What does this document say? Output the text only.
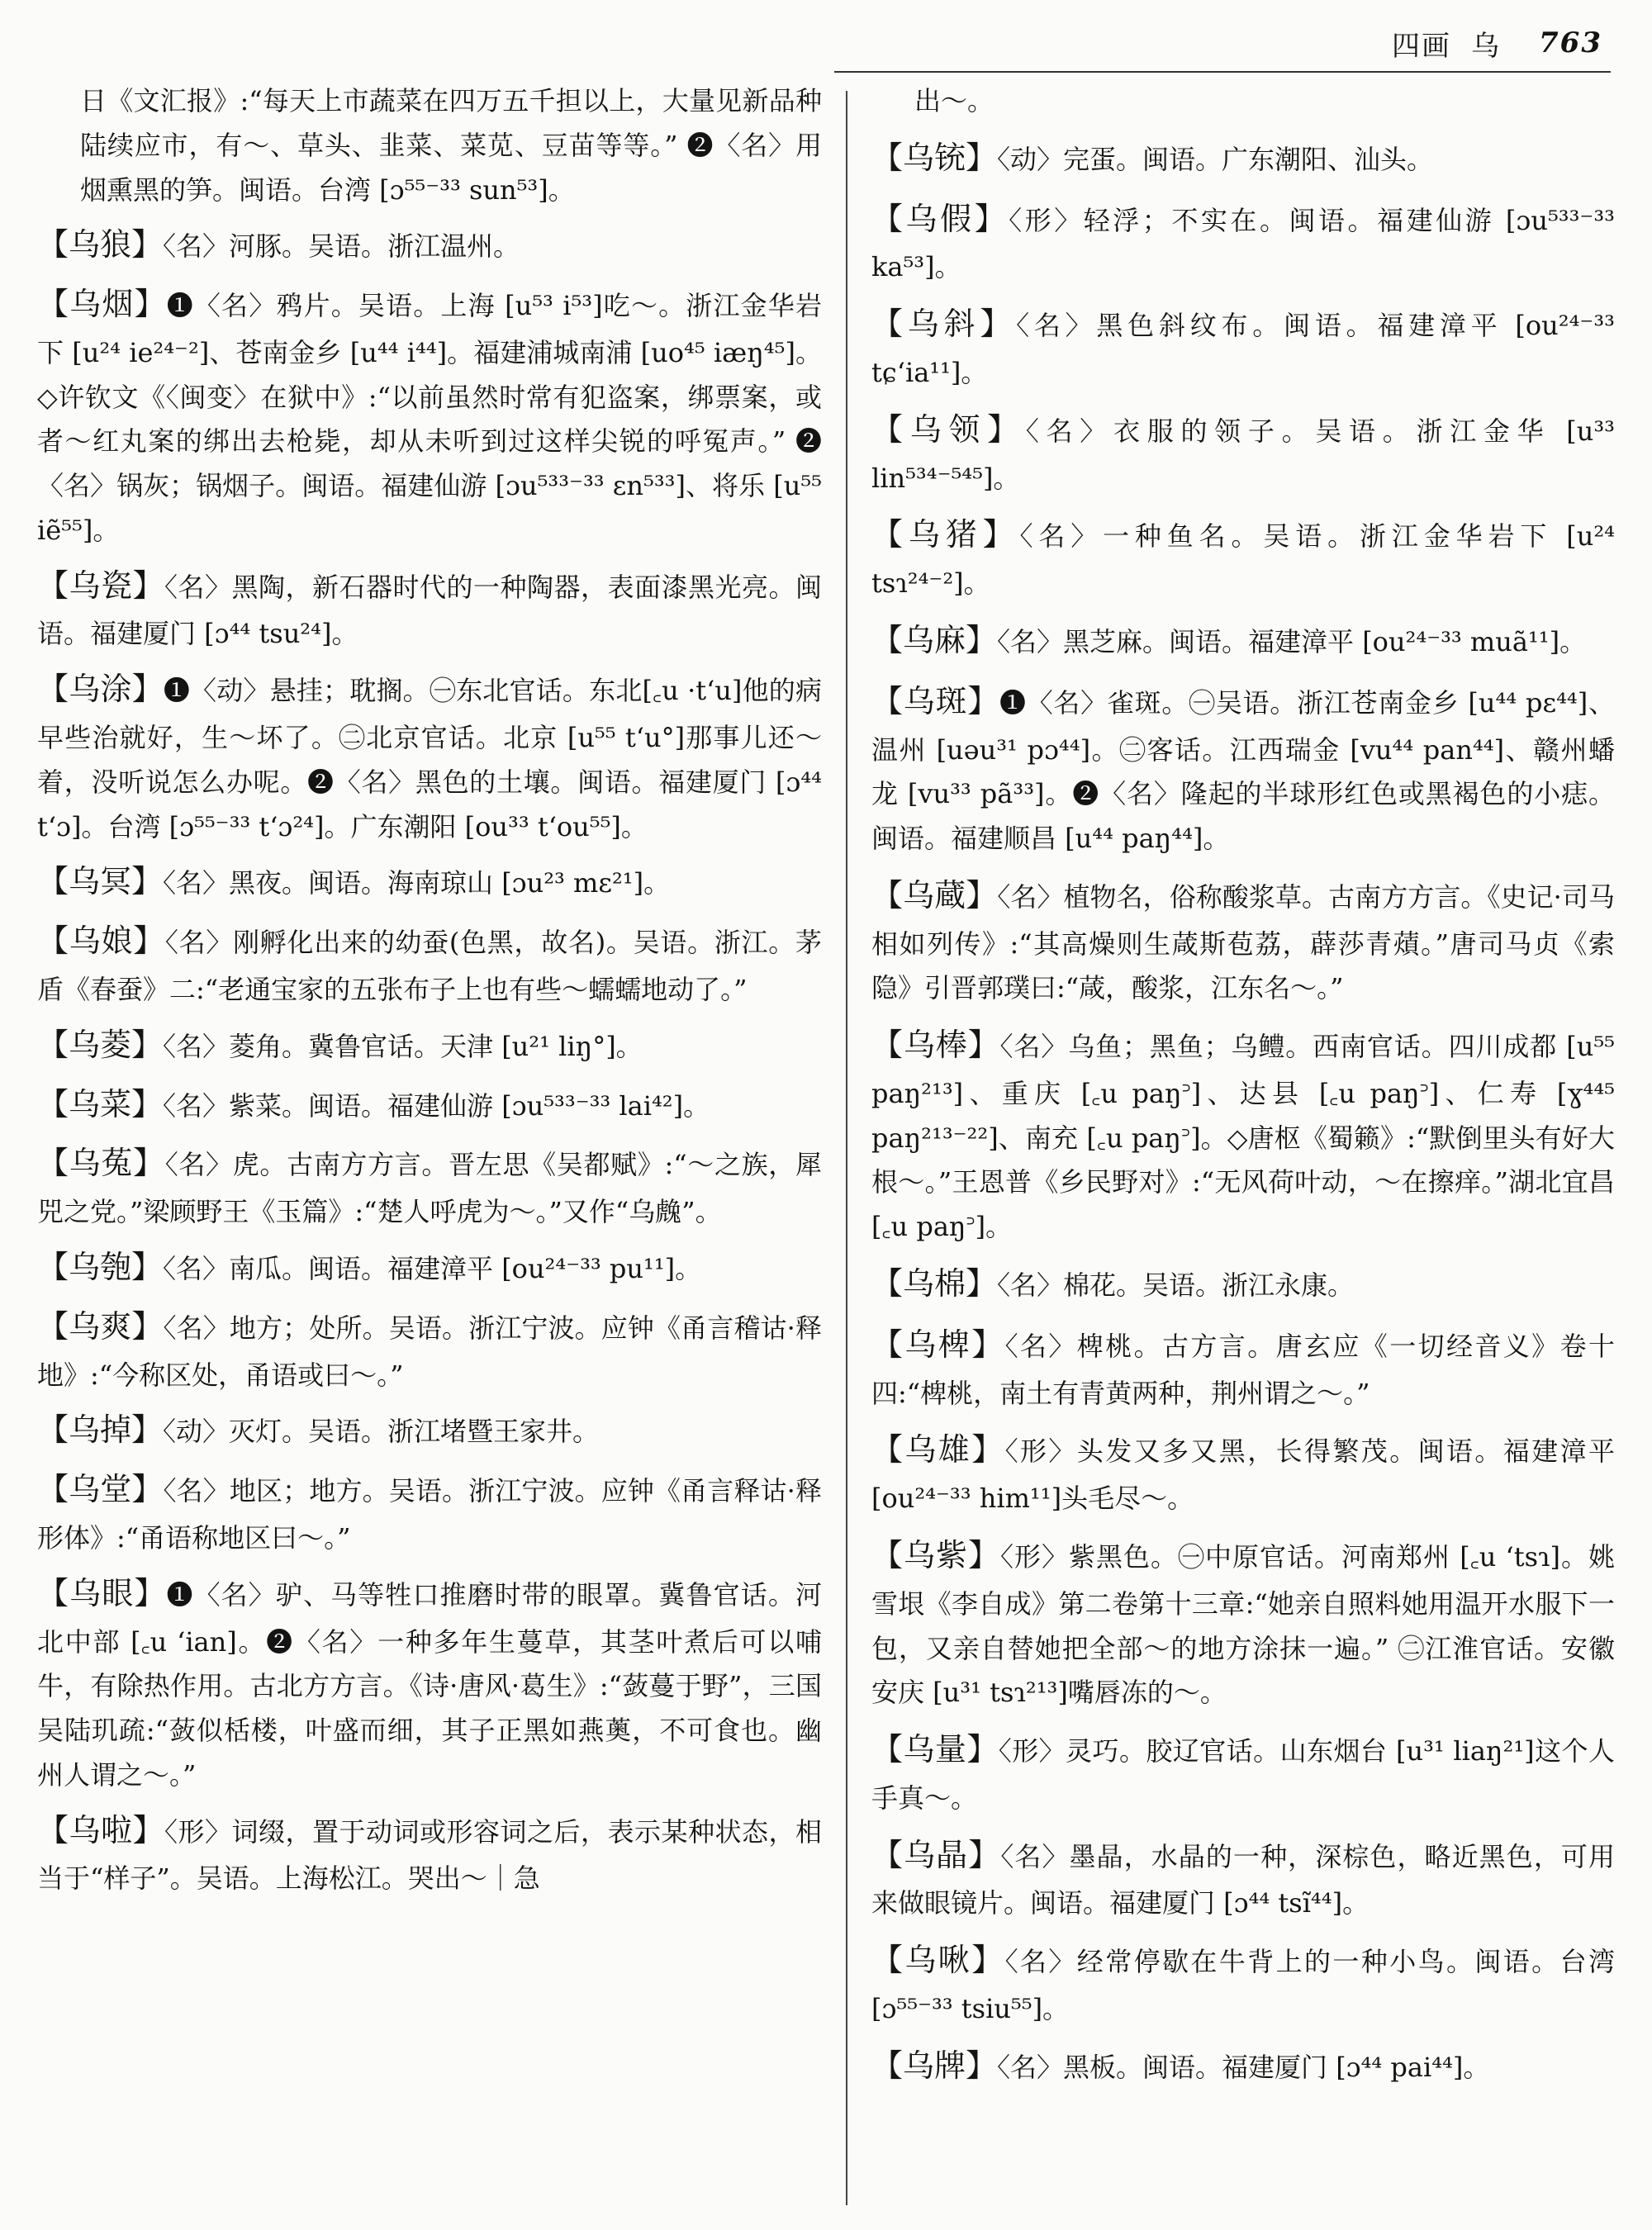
四画 乌 763

日《文汇报》:“每天上市蔬菜在四万五千担以上，大量见新品种陆续应市，有～、草头、韭菜、菜苋、豆苗等等。” ❷〈名〉用烟熏黑的笋。闽语。台湾 [ɔ⁵⁵⁻³³ sun⁵³]。

【乌狼】〈名〉河豚。吴语。浙江温州。

【乌烟】❶〈名〉鸦片。吴语。上海 [u⁵³ i⁵³]吃～。浙江金华岩下 [u²⁴ ie²⁴⁻²]、苍南金乡 [u⁴⁴ i⁴⁴]。福建浦城南浦 [uo⁴⁵ iæŋ⁴⁵]。◇许钦文《〈闽变〉在狱中》:“以前虽然时常有犯盗案，绑票案，或者～红丸案的绑出去枪毙，却从未听到过这样尖锐的呼冤声。” ❷〈名〉锅灰；锅烟子。闽语。福建仙游 [ɔu⁵³³⁻³³ ɛn⁵³³]、将乐 [u⁵⁵ iẽ⁵⁵]。

【乌瓷】〈名〉黑陶，新石器时代的一种陶器，表面漆黑光亮。闽语。福建厦门 [ɔ⁴⁴ tsu²⁴]。

【乌涂】❶〈动〉悬挂；耽搁。㊀东北官话。东北[꜀u ·t‘u]他的病早些治就好，生～坏了。㊁北京官话。北京 [u⁵⁵ t‘u°]那事儿还～着，没听说怎么办呢。❷〈名〉黑色的土壤。闽语。福建厦门 [ɔ⁴⁴ t‘ɔ]。台湾 [ɔ⁵⁵⁻³³ t‘ɔ²⁴]。广东潮阳 [ou³³ t‘ou⁵⁵]。

【乌冥】〈名〉黑夜。闽语。海南琼山 [ɔu²³ mɛ²¹]。

【乌娘】〈名〉刚孵化出来的幼蚕(色黑，故名)。吴语。浙江。茅盾《春蚕》二:“老通宝家的五张布子上也有些～蠕蠕地动了。”

【乌菱】〈名〉菱角。冀鲁官话。天津 [u²¹ liŋ°]。

【乌菜】〈名〉紫菜。闽语。福建仙游 [ɔu⁵³³⁻³³ lai⁴²]。

【乌菟】〈名〉虎。古南方方言。晋左思《吴都赋》:“～之族，犀兕之党。”梁顾野王《玉篇》:“楚人呼虎为～。”又作“乌䖘”。

【乌匏】〈名〉南瓜。闽语。福建漳平 [ou²⁴⁻³³ pu¹¹]。

【乌爽】〈名〉地方；处所。吴语。浙江宁波。应钟《甬言稽诂·释地》:“今称区处，甬语或曰～。”

【乌掉】〈动〉灭灯。吴语。浙江堵暨王家井。

【乌堂】〈名〉地区；地方。吴语。浙江宁波。应钟《甬言释诂·释形体》:“甬语称地区曰～。”

【乌眼】❶〈名〉驴、马等牲口推磨时带的眼罩。冀鲁官话。河北中部 [꜀u ‘ian]。❷〈名〉一种多年生蔓草，其茎叶煮后可以哺牛，有除热作用。古北方方言。《诗·唐风·葛生》:“蔹蔓于野”，三国吴陆玑疏:“蔹似栝楼，叶盛而细，其子正黑如燕薁，不可食也。幽州人谓之～。”

【乌啦】〈形〉词缀，置于动词或形容词之后，表示某种状态，相当于“样子”。吴语。上海松江。哭出～｜急

出～。

【乌铳】〈动〉完蛋。闽语。广东潮阳、汕头。

【乌假】〈形〉轻浮；不实在。闽语。福建仙游 [ɔu⁵³³⁻³³ ka⁵³]。

【乌斜】〈名〉黑色斜纹布。闽语。福建漳平 [ou²⁴⁻³³ tɕ‘ia¹¹]。

【乌领】〈名〉衣服的领子。吴语。浙江金华 [u³³ lin⁵³⁴⁻⁵⁴⁵]。

【乌猪】〈名〉一种鱼名。吴语。浙江金华岩下 [u²⁴ tsɿ²⁴⁻²]。

【乌麻】〈名〉黑芝麻。闽语。福建漳平 [ou²⁴⁻³³ muã¹¹]。

【乌斑】❶〈名〉雀斑。㊀吴语。浙江苍南金乡 [u⁴⁴ pɛ⁴⁴]、温州 [uəu³¹ pɔ⁴⁴]。㊁客话。江西瑞金 [vu⁴⁴ pan⁴⁴]、赣州蟠龙 [vu³³ pã³³]。❷〈名〉隆起的半球形红色或黑褐色的小痣。闽语。福建顺昌 [u⁴⁴ paŋ⁴⁴]。

【乌蔵】〈名〉植物名，俗称酸浆草。古南方方言。《史记·司马相如列传》:“其高燥则生葴斯苞荔，薜莎青薠。”唐司马贞《索隐》引晋郭璞曰:“葴，酸浆，江东名～。”

【乌棒】〈名〉乌鱼；黑鱼；乌鳢。西南官话。四川成都 [u⁵⁵ paŋ²¹³]、重庆 [꜀u paŋ꜄]、达县 [꜀u paŋ꜄]、仁寿 [ɣ⁴⁴⁵ paŋ²¹³⁻²²]、南充 [꜀u paŋ꜄]。◇唐枢《蜀籁》:“默倒里头有好大根～。”王恩普《乡民野对》:“无风荷叶动，～在擦痒。”湖北宜昌 [꜀u paŋ꜄]。

【乌棉】〈名〉棉花。吴语。浙江永康。

【乌椑】〈名〉椑桃。古方言。唐玄应《一切经音义》卷十四:“椑桃，南土有青黄两种，荆州谓之～。”

【乌雄】〈形〉头发又多又黑，长得繁茂。闽语。福建漳平 [ou²⁴⁻³³ him¹¹]头毛尽～。

【乌紫】〈形〉紫黑色。㊀中原官话。河南郑州 [꜀u ‘tsɿ]。姚雪垠《李自成》第二卷第十三章:“她亲自照料她用温开水服下一包，又亲自替她把全部～的地方涂抹一遍。” ㊁江淮官话。安徽安庆 [u³¹ tsɿ²¹³]嘴唇冻的～。

【乌量】〈形〉灵巧。胶辽官话。山东烟台 [u³¹ liaŋ²¹]这个人手真～。

【乌晶】〈名〉墨晶，水晶的一种，深棕色，略近黑色，可用来做眼镜片。闽语。福建厦门 [ɔ⁴⁴ tsĩ⁴⁴]。

【乌啾】〈名〉经常停歇在牛背上的一种小鸟。闽语。台湾 [ɔ⁵⁵⁻³³ tsiu⁵⁵]。

【乌牌】〈名〉黑板。闽语。福建厦门 [ɔ⁴⁴ pai⁴⁴]。
